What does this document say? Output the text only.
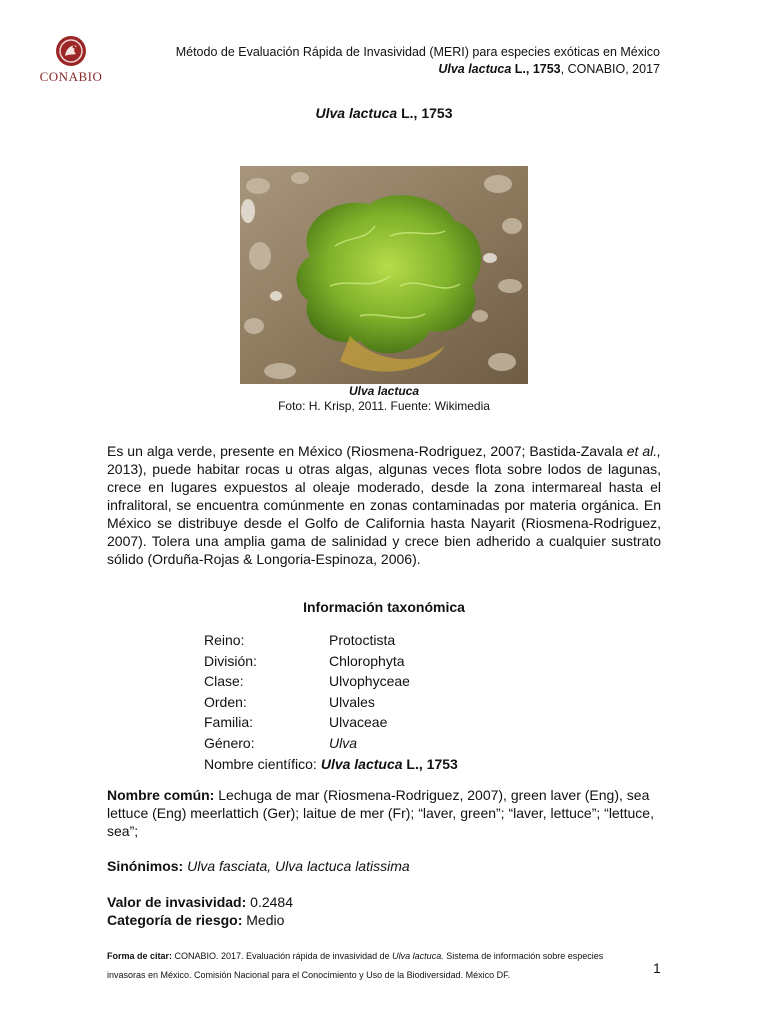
CONABIO
Método de Evaluación Rápida de Invasividad (MERI) para especies exóticas en México
Ulva lactuca L., 1753, CONABIO, 2017
Ulva lactuca L., 1753
Ulva lactuca
Foto: H. Krisp, 2011. Fuente: Wikimedia

Es un alga verde, presente en México (Riosmena-Rodriguez, 2007; Bastida-Zavala et al., 2013), puede habitar rocas u otras algas, algunas veces flota sobre lodos de lagunas, crece en lugares expuestos al oleaje moderado, desde la zona intermareal hasta el infralitoral, se encuentra comúnmente en zonas contaminadas por materia orgánica. En México se distribuye desde el Golfo de California hasta Nayarit (Riosmena-Rodriguez, 2007). Tolera una amplia gama de salinidad y crece bien adherido a cualquier sustrato sólido (Orduña-Rojas & Longoria-Espinoza, 2006).

Información taxonómica
Reino:	Protoctista
División:	Chlorophyta
Clase:	Ulvophyceae
Orden:	Ulvales
Familia:	Ulvaceae
Género:	Ulva
Nombre científico: Ulva lactuca L., 1753

Nombre común: Lechuga de mar (Riosmena-Rodriguez, 2007), green laver (Eng), sea lettuce (Eng) meerlattich (Ger); laitue de mer (Fr); “laver, green”; “laver, lettuce”; “lettuce, sea”;

Sinónimos: Ulva fasciata, Ulva lactuca latissima

Valor de invasividad: 0.2484

Categoría de riesgo: Medio

Forma de citar: CONABIO. 2017. Evaluación rápida de invasividad de Ulva lactuca. Sistema de información sobre especies invasoras en México. Comisión Nacional para el Conocimiento y Uso de la Biodiversidad. México DF.	1
